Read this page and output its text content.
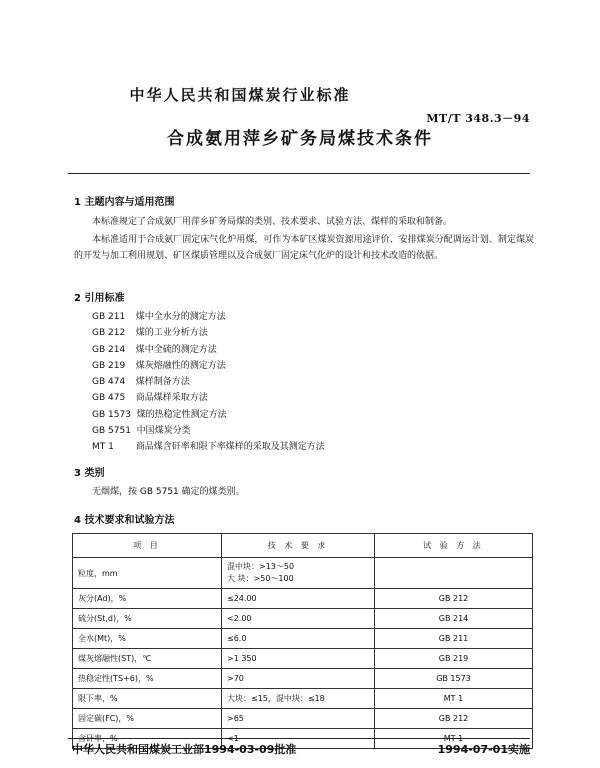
中华人民共和国煤炭行业标准
MT/T 348.3－94
合成氨用萍乡矿务局煤技术条件
1 主题内容与适用范围
本标准规定了合成氨厂用萍乡矿务局煤的类别、技术要求、试验方法、煤样的采取和制备。
本标准适用于合成氨厂固定床气化炉用煤，可作为本矿区煤炭资源用途评价、安排煤炭分配调运计划、制定煤炭的开发与加工利用规划、矿区煤质管理以及合成氨厂固定床气化炉的设计和技术改造的依据。
2 引用标准
GB 211 煤中全水分的测定方法
GB 212 煤的工业分析方法
GB 214 煤中全硫的测定方法
GB 219 煤灰熔融性的测定方法
GB 474 煤样制备方法
GB 475 商品煤样采取方法
GB 1573 煤的热稳定性测定方法
GB 5751 中国煤炭分类
MT 1 商品煤含矸率和限下率煤样的采取及其测定方法
3 类别
无烟煤，按 GB 5751 确定的煤类别。
4 技术要求和试验方法
项 目	技 术 要 求	试 验 方 法
粒度，mm	混中块：>13～50
大 块：>50～100	

灰分(Ad)，%	≤24.00	GB 212
硫分(St,d)，%	<2.00	GB 214
全水(Mt)，%	≤6.0	GB 211
煤灰熔融性(ST)，℃	>1 350	GB 219
热稳定性(TS+6)，%	>70	GB 1573
限下率，%	大块：≤15，混中块：≤18	MT 1
固定碳(FC)，%	>65	GB 212
含矸率，%	<1	MT 1
中华人民共和国煤炭工业部1994-03-09批准	1994-07-01实施
